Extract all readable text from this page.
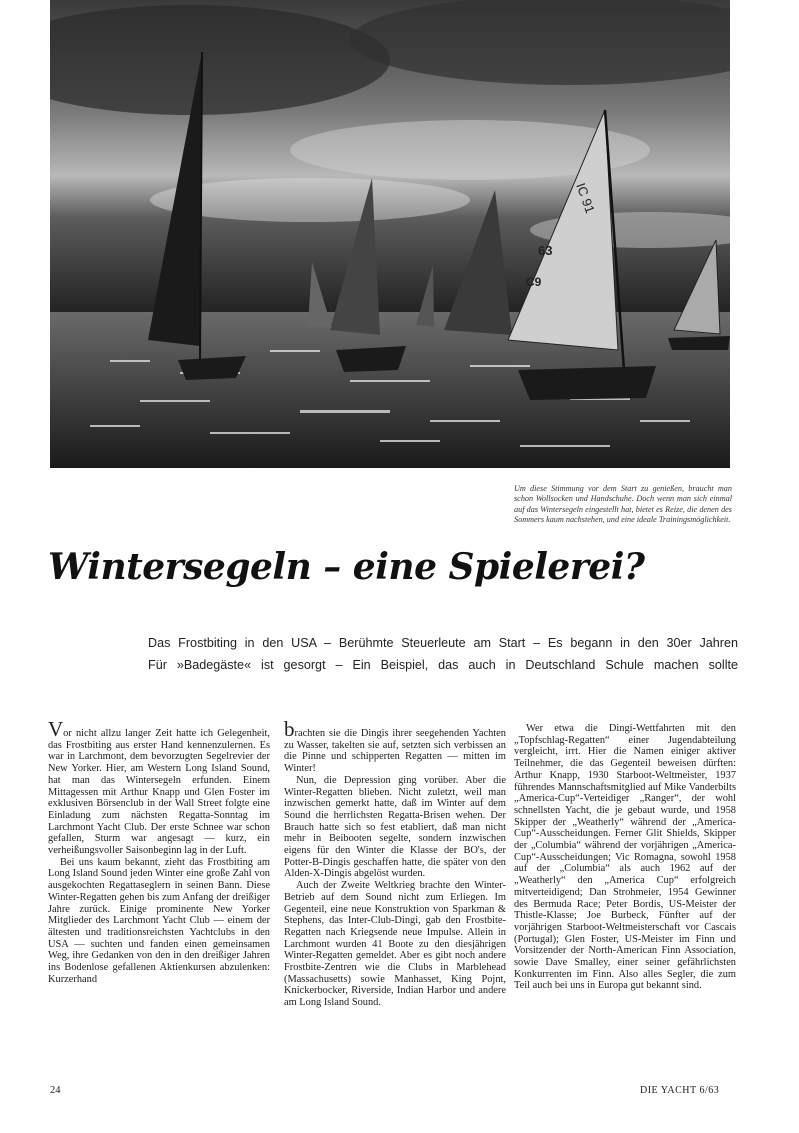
IC 91
63
C9
Um diese Stimmung vor dem Start zu genießen, braucht man schon Wollsocken und Handschuhe. Doch wenn man sich einmal auf das Wintersegeln eingestellt hat, bietet es Reize, die denen des Sommers kaum nachstehen, und eine ideale Trainingsmöglichkeit.
Wintersegeln – eine Spielerei?
Das Frostbiting in den USA – Berühmte Steuerleute am Start – Es begann in den 30er Jahren
Für »Badegäste« ist gesorgt – Ein Beispiel, das auch in Deutschland Schule machen sollte

Vor nicht allzu langer Zeit hatte ich Gelegenheit, das Frostbiting aus erster Hand kennenzulernen. Es war in Larchmont, dem bevorzugten Segelrevier der New Yorker. Hier, am Western Long Island Sound, hat man das Wintersegeln erfunden. Einem Mittagessen mit Arthur Knapp und Glen Foster im exklusiven Börsenclub in der Wall Street folgte eine Einladung zum nächsten Regatta-Sonntag im Larchmont Yacht Club. Der erste Schnee war schon gefallen, Sturm war angesagt — kurz, ein verheißungsvoller Saisonbeginn lag in der Luft.

Bei uns kaum bekannt, zieht das Frostbiting am Long Island Sound jeden Winter eine große Zahl von ausgekochten Regattaseglern in seinen Bann. Diese Winter-Regatten gehen bis zum Anfang der dreißiger Jahre zurück. Einige prominente New Yorker Mitglieder des Larchmont Yacht Club — einem der ältesten und traditionsreichsten Yachtclubs in den USA — suchten und fanden einen gemeinsamen Weg, ihre Gedanken von den in den dreißiger Jahren ins Bodenlose gefallenen Aktienkursen abzulenken: Kurzerhand

brachten sie die Dingis ihrer seegehenden Yachten zu Wasser, takelten sie auf, setzten sich verbissen an die Pinne und schipperten Regatten — mitten im Winter!

Nun, die Depression ging vorüber. Aber die Winter-Regatten blieben. Nicht zuletzt, weil man inzwischen gemerkt hatte, daß im Winter auf dem Sound die herrlichsten Regatta-Brisen wehen. Der Brauch hatte sich so fest etabliert, daß man nicht mehr in Beibooten segelte, sondern inzwischen eigens für den Winter die Klasse der BO's, der Potter-B-Dingis geschaffen hatte, die später von den Alden-X-Dingis abgelöst wurden.

Auch der Zweite Weltkrieg brachte den Winter-Betrieb auf dem Sound nicht zum Erliegen. Im Gegenteil, eine neue Konstruktion von Sparkman & Stephens, das Inter-Club-Dingi, gab den Frostbite-Regatten nach Kriegsende neue Impulse. Allein in Larchmont wurden 41 Boote zu den diesjährigen Winter-Regatten gemeldet. Aber es gibt noch andere Frostbite-Zentren wie die Clubs in Marblehead (Massachusetts) sowie Manhasset, King Pojnt, Knickerbocker, Riverside, Indian Harbor und andere am Long Island Sound.

Wer etwa die Dingi-Wettfahrten mit den „Topfschlag-Regatten“ einer Jugendabteilung vergleicht, irrt. Hier die Namen einiger aktiver Teilnehmer, die das Gegenteil beweisen dürften: Arthur Knapp, 1930 Starboot-Weltmeister, 1937 führendes Mannschaftsmitglied auf Mike Vanderbilts „America-Cup“-Verteidiger „Ranger“, der wohl schnellsten Yacht, die je gebaut wurde, und 1958 Skipper der „Weatherly“ während der „America-Cup“-Ausscheidungen. Ferner Glit Shields, Skipper der „Columbia“ während der vorjährigen „America-Cup“-Ausscheidungen; Vic Romagna, sowohl 1958 auf der „Columbia“ als auch 1962 auf der „Weatherly“ den „America Cup“ erfolgreich mitverteidigend; Dan Strohmeier, 1954 Gewinner des Bermuda Race; Peter Bordis, US-Meister der Thistle-Klasse; Joe Burbeck, Fünfter auf der vorjährigen Starboot-Weltmeisterschaft vor Cascais (Portugal); Glen Foster, US-Meister im Finn und Vorsitzender der North-American Finn Association, sowie Dave Smalley, einer seiner gefährlichsten Konkurrenten im Finn. Also alles Segler, die zum Teil auch bei uns in Europa gut bekannt sind.

24	DIE YACHT 6/63
